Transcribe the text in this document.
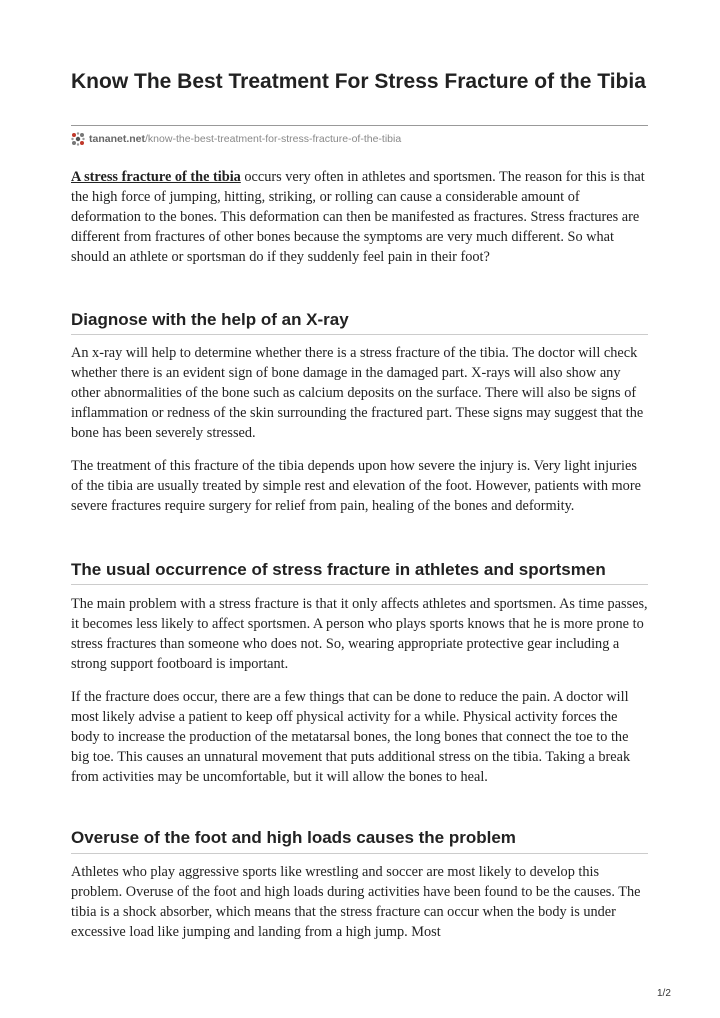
Know The Best Treatment For Stress Fracture of the Tibia
tananet.net /know-the-best-treatment-for-stress-fracture-of-the-tibia

A stress fracture of the tibia occurs very often in athletes and sportsmen. The reason for this is that the high force of jumping, hitting, striking, or rolling can cause a considerable amount of deformation to the bones. This deformation can then be manifested as fractures. Stress fractures are different from fractures of other bones because the symptoms are very much different. So what should an athlete or sportsman do if they suddenly feel pain in their foot?

Diagnose with the help of an X-ray

An x-ray will help to determine whether there is a stress fracture of the tibia. The doctor will check whether there is an evident sign of bone damage in the damaged part. X-rays will also show any other abnormalities of the bone such as calcium deposits on the surface. There will also be signs of inflammation or redness of the skin surrounding the fractured part. These signs may suggest that the bone has been severely stressed.

The treatment of this fracture of the tibia depends upon how severe the injury is. Very light injuries of the tibia are usually treated by simple rest and elevation of the foot. However, patients with more severe fractures require surgery for relief from pain, healing of the bones and deformity.

The usual occurrence of stress fracture in athletes and sportsmen

The main problem with a stress fracture is that it only affects athletes and sportsmen. As time passes, it becomes less likely to affect sportsmen. A person who plays sports knows that he is more prone to stress fractures than someone who does not. So, wearing appropriate protective gear including a strong support footboard is important.

If the fracture does occur, there are a few things that can be done to reduce the pain. A doctor will most likely advise a patient to keep off physical activity for a while. Physical activity forces the body to increase the production of the metatarsal bones, the long bones that connect the toe to the big toe. This causes an unnatural movement that puts additional stress on the tibia. Taking a break from activities may be uncomfortable, but it will allow the bones to heal.

Overuse of the foot and high loads causes the problem

Athletes who play aggressive sports like wrestling and soccer are most likely to develop this problem. Overuse of the foot and high loads during activities have been found to be the causes. The tibia is a shock absorber, which means that the stress fracture can occur when the body is under excessive load like jumping and landing from a high jump. Most

1/2
